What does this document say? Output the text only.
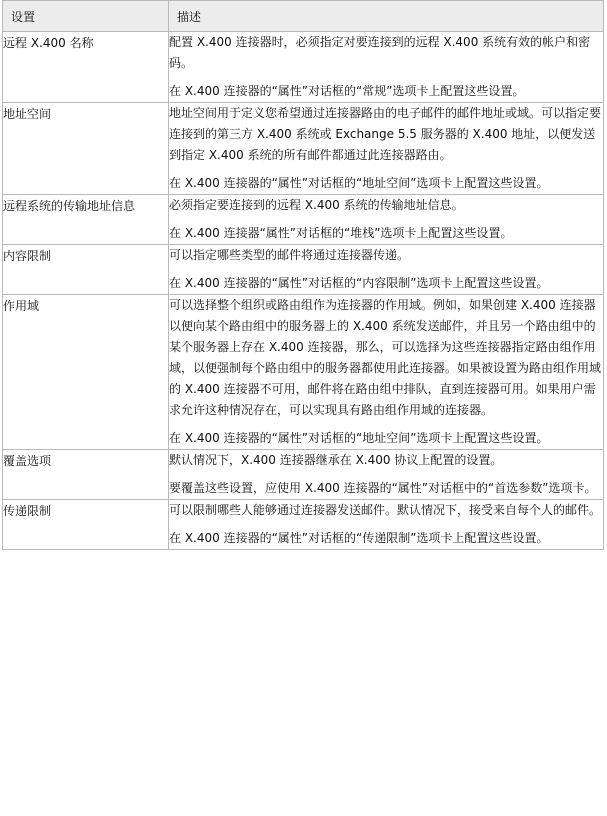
设置	描述
远程 X.400 名称	配置 X.400 连接器时，必须指定对要连接到的远程 X.400 系统有效的帐户和密码。

在 X.400 连接器的“属性”对话框的“常规”选项卡上配置这些设置。

地址空间	地址空间用于定义您希望通过连接器路由的电子邮件的邮件地址或域。可以指定要连接到的第三方 X.400 系统或 Exchange 5.5 服务器的 X.400 地址，以便发送到指定 X.400 系统的所有邮件都通过此连接器路由。

在 X.400 连接器的“属性”对话框的“地址空间”选项卡上配置这些设置。

远程系统的传输地址信息	必须指定要连接到的远程 X.400 系统的传输地址信息。

在 X.400 连接器“属性”对话框的“堆栈”选项卡上配置这些设置。

内容限制	可以指定哪些类型的邮件将通过连接器传递。

在 X.400 连接器的“属性”对话框的“内容限制”选项卡上配置这些设置。

作用域	可以选择整个组织或路由组作为连接器的作用域。例如，如果创建 X.400 连接器以便向某个路由组中的服务器上的 X.400 系统发送邮件，并且另一个路由组中的某个服务器上存在 X.400 连接器，那么，可以选择为这些连接器指定路由组作用域，以便强制每个路由组中的服务器都使用此连接器。如果被设置为路由组作用域的 X.400 连接器不可用，邮件将在路由组中排队，直到连接器可用。如果用户需求允许这种情况存在，可以实现具有路由组作用域的连接器。

在 X.400 连接器的“属性”对话框的“地址空间”选项卡上配置这些设置。

覆盖选项	默认情况下，X.400 连接器继承在 X.400 协议上配置的设置。

要覆盖这些设置，应使用 X.400 连接器的“属性”对话框中的“首选参数”选项卡。

传递限制	可以限制哪些人能够通过连接器发送邮件。默认情况下，接受来自每个人的邮件。

在 X.400 连接器的“属性”对话框的“传递限制”选项卡上配置这些设置。
